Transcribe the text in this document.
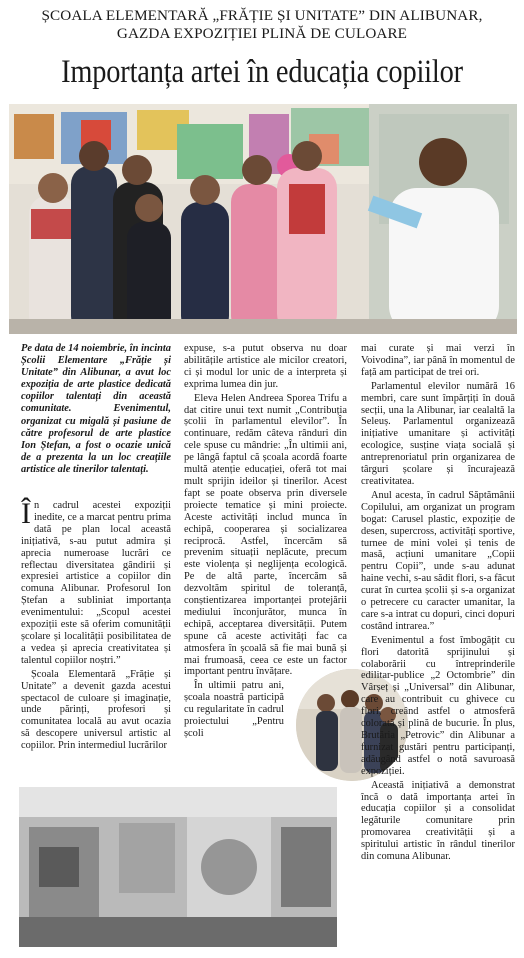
ȘCOALA ELEMENTARĂ „FRĂȚIE ȘI UNITATE” DIN ALIBUNAR,
GAZDA EXPOZIȚIEI PLINĂ DE CULOARE
Importanța artei în educația copiilor

Pe data de 14 noiembrie, în incinta Școlii Elementare „Frăție și Unitate” din Alibunar, a avut loc expoziția de arte plastice dedicată copiilor talentați din această comunitate. Evenimentul, organizat cu migală și pasiune de către profesorul de arte plastice Ion Ștefan, a fost o ocazie unică de a prezenta la un loc creațiile artistice ale tinerilor talentați.

În cadrul acestei expoziții inedite, ce a marcat pentru prima dată pe plan local această inițiativă, s-au putut admira și aprecia numeroase lucrări ce reflectau diversitatea gândirii și expresiei artistice a copiilor din comuna Alibunar. Profesorul Ion Ștefan a subliniat importanța evenimentului: „Scopul acestei expoziții este să oferim comunității școlare și localității posibilitatea de a vedea și aprecia creativitatea și talentul copiilor noștri.”

Școala Elementară „Frăție și Unitate” a devenit gazda acestui spectacol de culoare și imaginație, unde părinți, profesori și comunitatea locală au avut ocazia să descopere universul artistic al copiilor. Prin intermediul lucrărilor

expuse, s-a putut observa nu doar abilitățile artistice ale micilor creatori, ci și modul lor unic de a interpreta și exprima lumea din jur.

Eleva Helen Andreea Sporea Trifu a dat citire unui text numit „Contribuția școlii în parlamentul elevilor”. În continuare, redăm câteva rânduri din cele spuse cu mândrie: „În ultimii ani, pe lângă faptul că școala acordă foarte multă atenție educației, oferă tot mai mult sprijin ideilor și tinerilor. Acest fapt se poate observa prin diversele proiecte tematice și mini proiecte. Aceste activități includ munca în echipă, cooperarea și socializarea reciprocă. Astfel, încercăm să prevenim situații neplăcute, precum este violența și neglijența ecologică. Pe de altă parte, încercăm să dezvoltăm spiritul de toleranță, conștientizarea importanței protejării mediului înconjurător, munca în echipă, acceptarea diversității. Putem spune că aceste activități fac ca atmosfera în școală să fie mai bună și mai frumoasă, ceea ce este un factor important pentru învățare.

În ultimii patru ani, școala noastră participă cu regularitate în cadrul proiectului „Pentru școli

mai curate și mai verzi în Voivodina”, iar până în momentul de față am participat de trei ori.

Parlamentul elevilor numără 16 membri, care sunt împărțiți în două secții, una la Alibunar, iar cealaltă la Seleuș. Parlamentul organizează inițiative umanitare și activități ecologice, susține viața socială și antreprenoriatul prin organizarea de târguri școlare și încurajează creativitatea.

Anul acesta, în cadrul Săptămânii Copilului, am organizat un program bogat: Carusel plastic, expoziție de desen, supercross, activități sportive, turnee de mini volei și tenis de masă, acțiuni umanitare „Copii pentru Copii”, unde s-au adunat haine vechi, s-au sădit flori, s-a făcut curat în curtea școlii și s-a organizat o petrecere cu caracter umanitar, la care s-a intrat cu dopuri, cinci dopuri costând intrarea.”

Evenimentul a fost îmbogățit cu flori datorită sprijinului și colaborării cu întreprinderile edilitar-publice „2 Octombrie” din Vârșeț și „Universal” din Alibunar, care au contribuit cu ghivece cu flori, creând astfel o atmosferă colorată și plină de bucurie. În plus, Brutăria „Petrovic” din Alibunar a furnizat gustări pentru participanți, adăugând astfel o notă savuroasă expoziției.

Această inițiativă a demonstrat încă o dată importanța artei în educația copiilor și a consolidat legăturile comunitare prin promovarea creativității și a spiritului artistic în rândul tinerilor din comuna Alibunar.
